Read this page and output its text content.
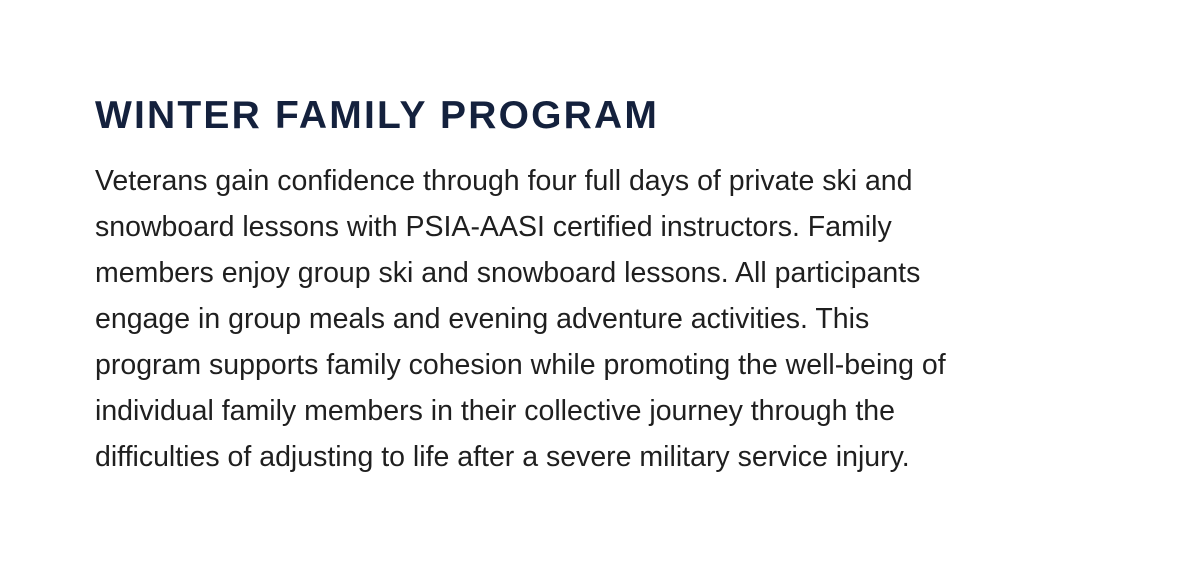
WINTER FAMILY PROGRAM

Veterans gain confidence through four full days of private ski and
snowboard lessons with PSIA-AASI certified instructors. Family
members enjoy group ski and snowboard lessons. All participants
engage in group meals and evening adventure activities. This
program supports family cohesion while promoting the well-being of
individual family members in their collective journey through the
difficulties of adjusting to life after a severe military service injury.
